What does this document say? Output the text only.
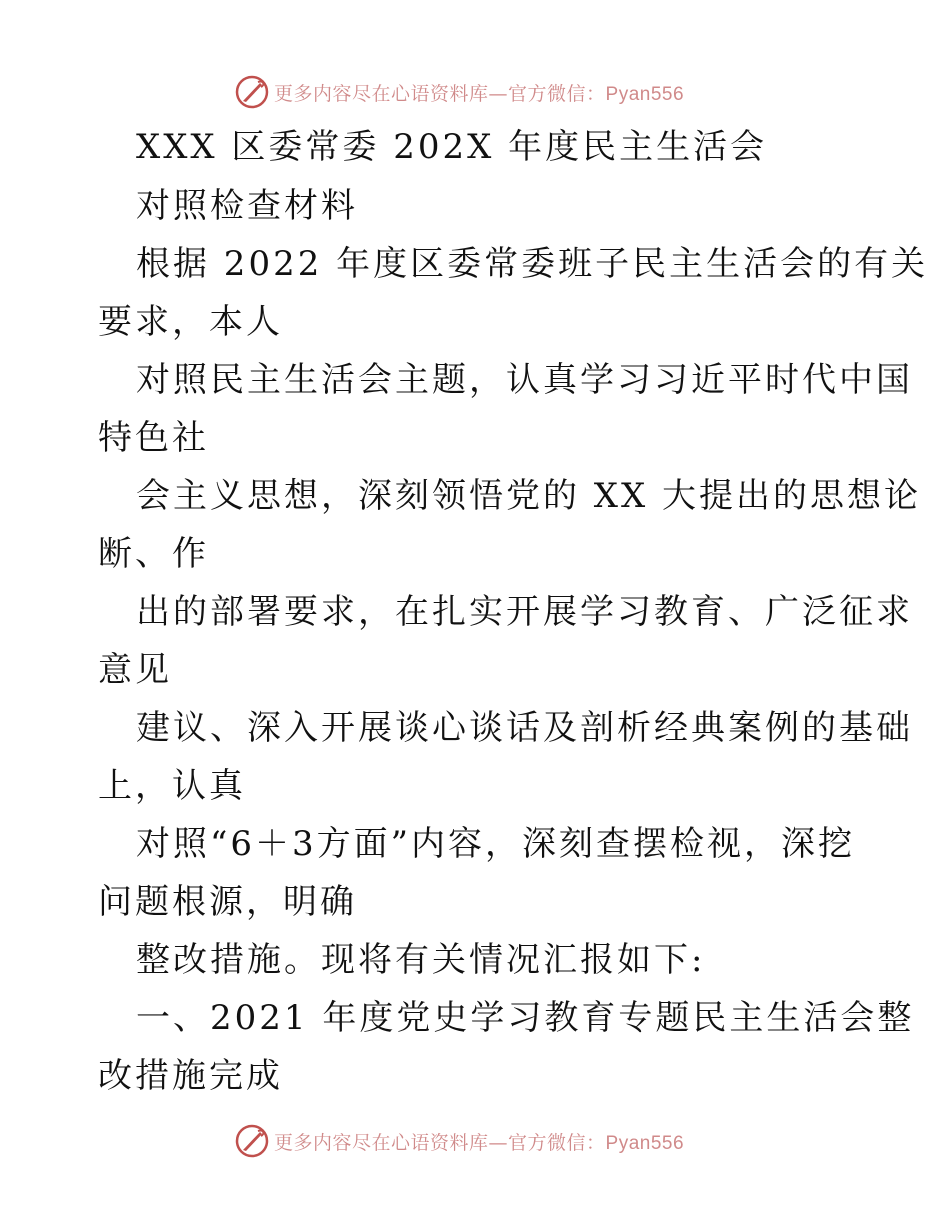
更多内容尽在心语资料库—官方微信：Pyan556
XXX 区委常委 202X 年度民主生活会
对照检查材料
根据 2022 年度区委常委班子民主生活会的有关
要求，本人
对照民主生活会主题，认真学习习近平时代中国
特色社
会主义思想，深刻领悟党的 XX 大提出的思想论
断、作
出的部署要求，在扎实开展学习教育、广泛征求
意见
建议、深入开展谈心谈话及剖析经典案例的基础
上，认真
对照“6＋3方面”内容，深刻查摆检视，深挖
问题根源，明确
整改措施。现将有关情况汇报如下:
一、2021 年度党史学习教育专题民主生活会整
改措施完成
更多内容尽在心语资料库—官方微信：Pyan556
